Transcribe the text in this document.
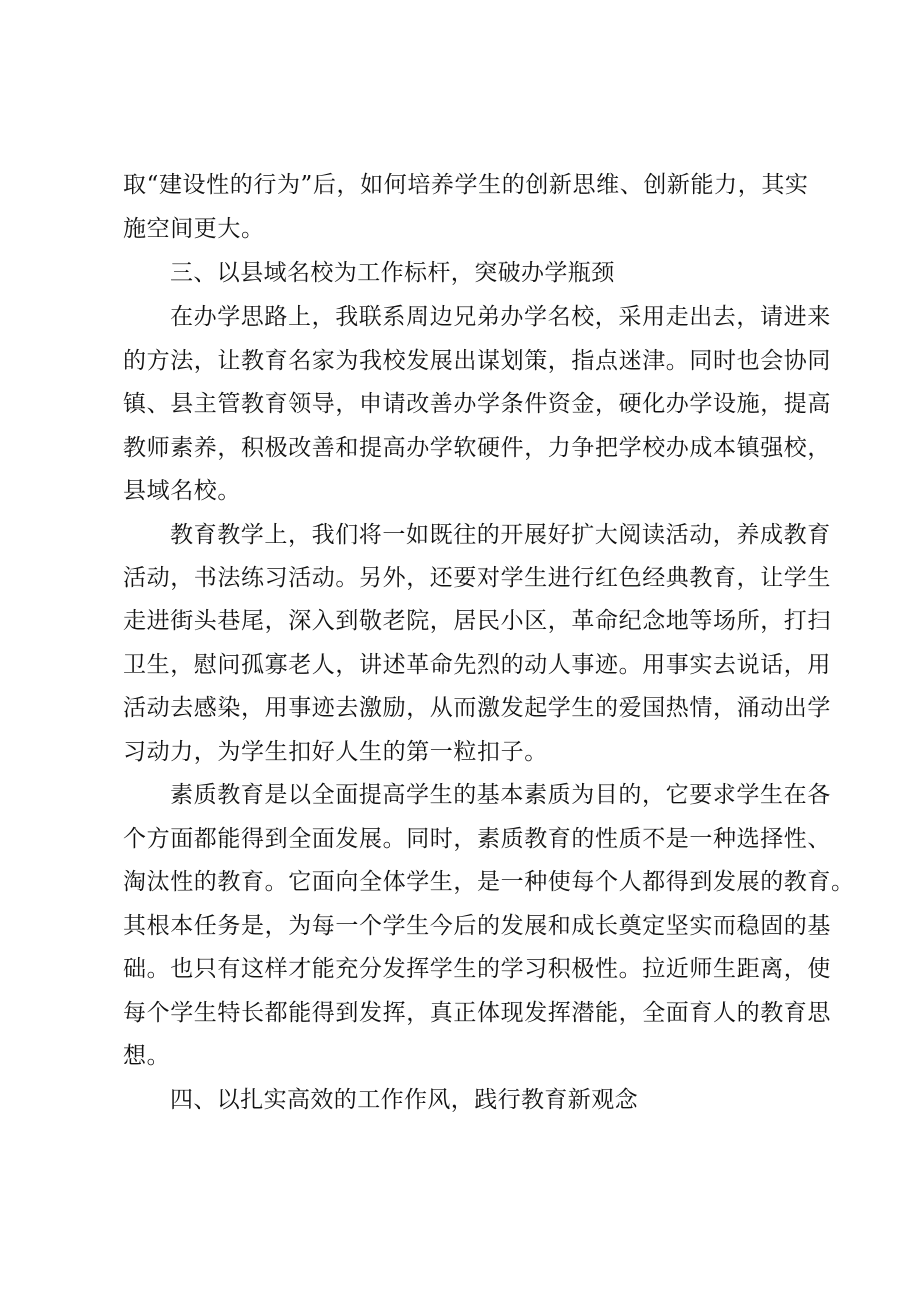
取“建设性的行为”后，如何培养学生的创新思维、创新能力，其实
施空间更大。
三、以县域名校为工作标杆，突破办学瓶颈
在办学思路上，我联系周边兄弟办学名校，采用走出去，请进来
的方法，让教育名家为我校发展出谋划策，指点迷津。同时也会协同
镇、县主管教育领导，申请改善办学条件资金，硬化办学设施，提高
教师素养，积极改善和提高办学软硬件，力争把学校办成本镇强校，
县域名校。
教育教学上，我们将一如既往的开展好扩大阅读活动，养成教育
活动，书法练习活动。另外，还要对学生进行红色经典教育，让学生
走进街头巷尾，深入到敬老院，居民小区，革命纪念地等场所，打扫
卫生，慰问孤寡老人，讲述革命先烈的动人事迹。用事实去说话，用
活动去感染，用事迹去激励，从而激发起学生的爱国热情，涌动出学
习动力，为学生扣好人生的第一粒扣子。
素质教育是以全面提高学生的基本素质为目的，它要求学生在各
个方面都能得到全面发展。同时，素质教育的性质不是一种选择性、
淘汰性的教育。它面向全体学生，是一种使每个人都得到发展的教育。
其根本任务是，为每一个学生今后的发展和成长奠定坚实而稳固的基
础。也只有这样才能充分发挥学生的学习积极性。拉近师生距离，使
每个学生特长都能得到发挥，真正体现发挥潜能，全面育人的教育思
想。
四、以扎实高效的工作作风，践行教育新观念
